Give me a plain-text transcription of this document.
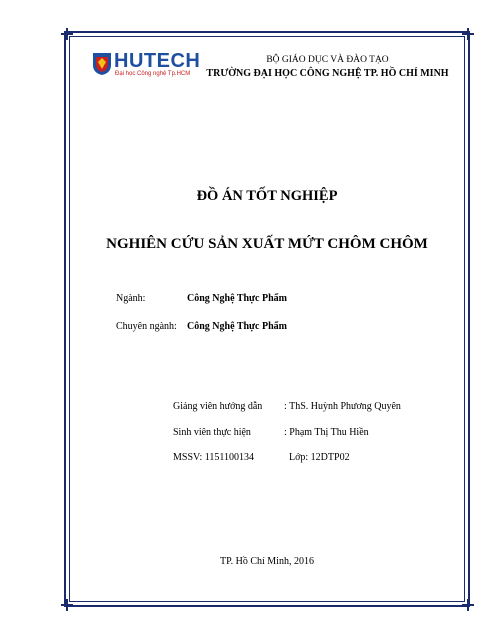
HUTECH
Đại học Công nghệ Tp.HCM
BỘ GIÁO DỤC VÀ ĐÀO TẠO
TRƯỜNG ĐẠI HỌC CÔNG NGHỆ TP. HỒ CHÍ MINH
ĐỒ ÁN TỐT NGHIỆP
NGHIÊN CỨU SẢN XUẤT MỨT CHÔM CHÔM
Ngành:	Công Nghệ Thực Phẩm
Chuyên ngành: Công Nghệ Thực Phẩm
Giảng viên hướng dẫn : ThS. Huỳnh Phương Quyên
Sinh viên thực hiện	: Phạm Thị Thu Hiền
MSSV: 1151100134	Lớp: 12DTP02
TP. Hồ Chí Minh, 2016
